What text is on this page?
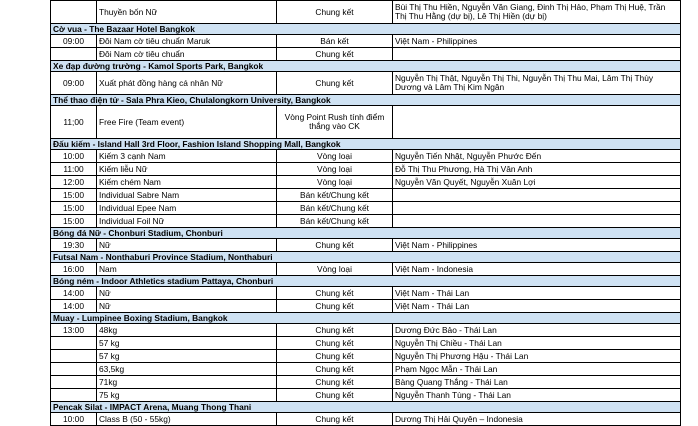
	Thuyền bốn Nữ	Chung kết	Bùi Thị Thu Hiền, Nguyễn Văn Giang, Đinh Thị Hảo, Phạm Thị Huệ, Trần Thị Thu Hằng (dự bị), Lê Thị Hiền (dự bị)
Cờ vua - The Bazaar Hotel Bangkok			
09:00	Đôi Nam cờ tiêu chuẩn Maruk	Bán kết	Việt Nam - Philippines
	Đôi Nam cờ tiêu chuẩn	Chung kết	
Xe đạp đường trường - Kamol Sports Park, Bangkok			
09:00	Xuất phát đồng hàng cá nhân Nữ	Chung kết	Nguyễn Thị Thật, Nguyễn Thị Thi, Nguyễn Thị Thu Mai, Lâm Thị Thùy Dương và Lâm Thị Kim Ngân
Thể thao điện tử - Sala Phra Kieo, Chulalongkorn University, Bangkok			
11;00	Free Fire (Team event)	Vòng Point Rush tính điểm thắng vào CK	
Đấu kiếm - Island Hall 3rd Floor, Fashion Island Shopping Mall, Bangkok			
10:00	Kiếm 3 cạnh Nam	Vòng loại	Nguyễn Tiến Nhật, Nguyễn Phước Đến
11:00	Kiếm liễu Nữ	Vòng loại	Đỗ Thị Thu Phương, Hà Thị Vân Anh
12:00	Kiếm chém Nam	Vòng loại	Nguyễn Văn Quyết, Nguyễn Xuân Lợi
15:00	Individual Sabre Nam	Bán kết/Chung kết	
15:00	Individual Epee Nam	Bán kết/Chung kết	
15:00	Individual Foil Nữ	Bán kết/Chung kết	
Bóng đá Nữ - Chonburi Stadium, Chonburi			
19:30	Nữ	Chung kết	Việt Nam - Philippines
Futsal Nam - Nonthaburi Province Stadium, Nonthaburi			
16:00	Nam	Vòng loại	Việt Nam - Indonesia
Bóng ném - Indoor Athletics stadium Pattaya, Chonburi			
14:00	Nữ	Chung kết	Việt Nam - Thái Lan
14:00	Nữ	Chung kết	Việt Nam - Thái Lan
Muay - Lumpinee Boxing Stadium, Bangkok			
13:00	48kg	Chung kết	Dương Đức Bảo - Thái Lan
	57 kg	Chung kết	Nguyễn Thị Chiều - Thái Lan
	57 kg	Chung kết	Nguyễn Thị Phương Hậu - Thái Lan
	63,5kg	Chung kết	Phạm Ngọc Mẫn - Thái Lan
	71kg	Chung kết	Bàng Quang Thắng - Thái Lan
	75 kg	Chung kết	Nguyễn Thanh Tùng - Thái Lan
Pencak Silat - IMPACT Arena, Muang Thong Thani			
10:00	Class B (50 - 55kg)	Chung kết	Dương Thị Hải Quyên – Indonesia
